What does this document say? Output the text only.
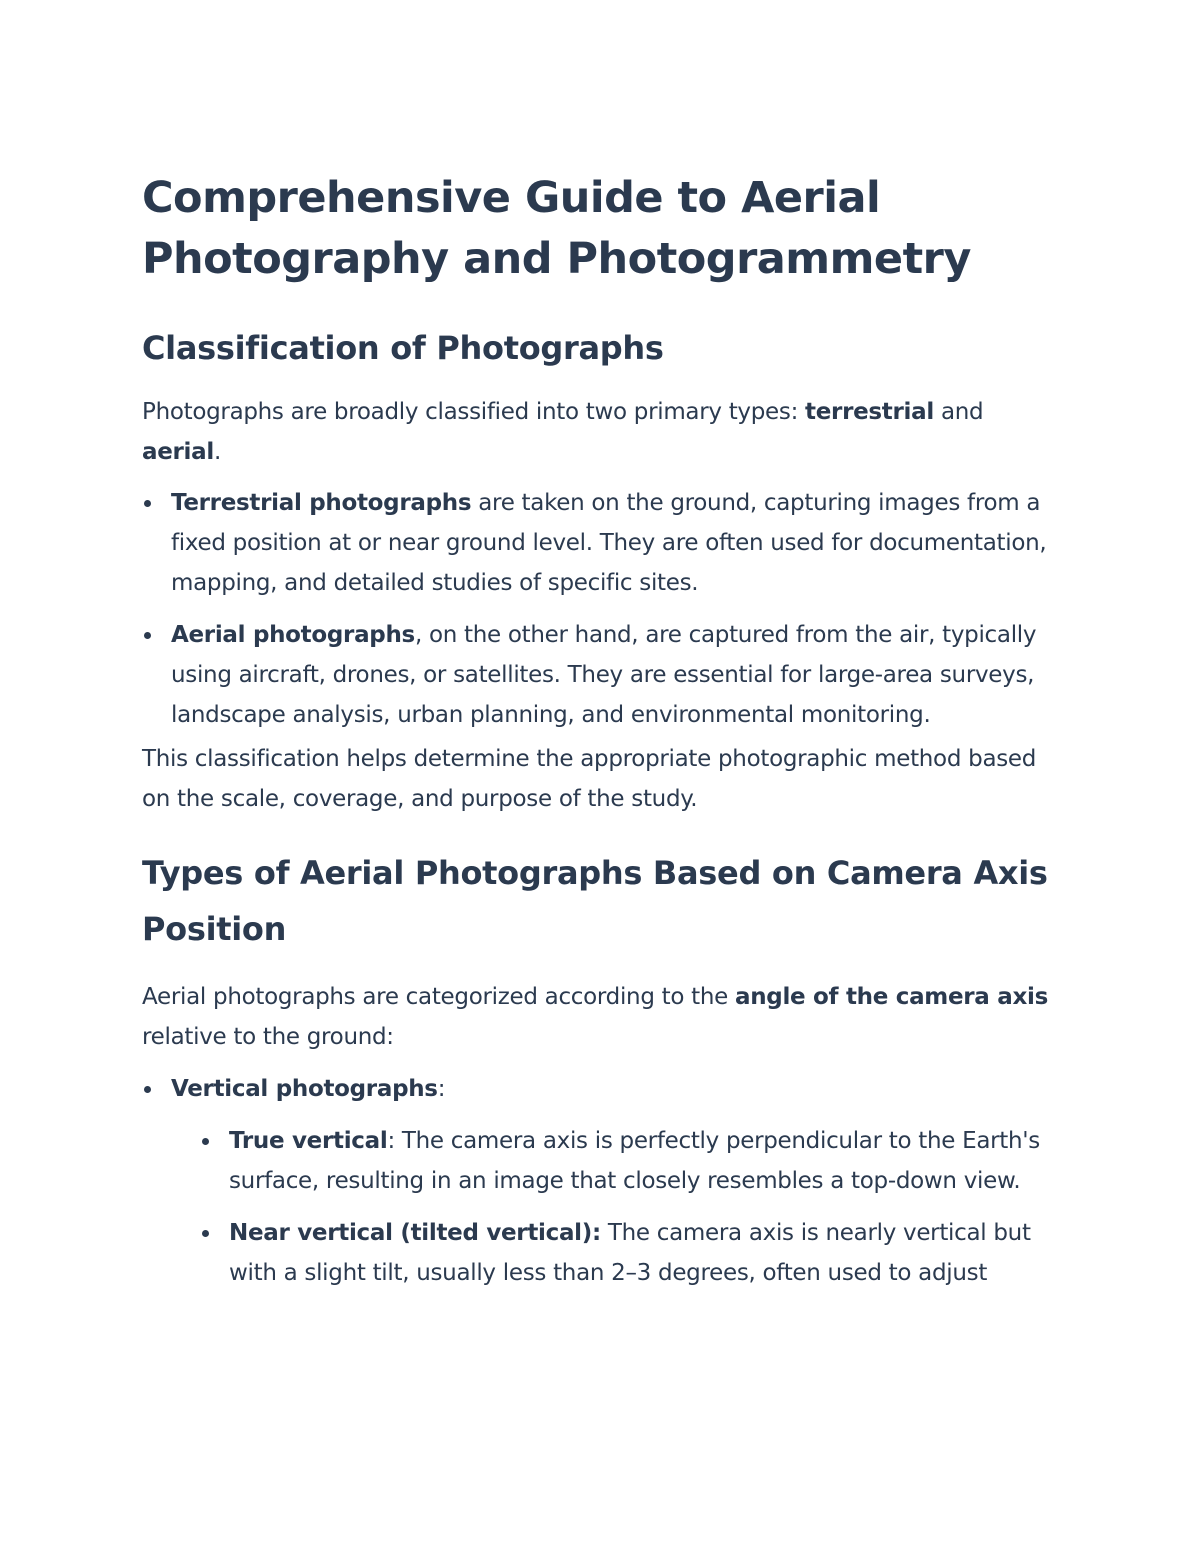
Comprehensive Guide to Aerial Photography and Photogrammetry
Classification of Photographs

Photographs are broadly classified into two primary types: terrestrial and aerial.

Terrestrial photographs are taken on the ground, capturing images from a fixed position at or near ground level. They are often used for documentation, mapping, and detailed studies of specific sites.
Aerial photographs, on the other hand, are captured from the air, typically using aircraft, drones, or satellites. They are essential for large-area surveys, landscape analysis, urban planning, and environmental monitoring.

This classification helps determine the appropriate photographic method based on the scale, coverage, and purpose of the study.

Types of Aerial Photographs Based on Camera Axis Position

Aerial photographs are categorized according to the angle of the camera axis relative to the ground:

Vertical photographs:
True vertical: The camera axis is perfectly perpendicular to the Earth's surface, resulting in an image that closely resembles a top-down view.
Near vertical (tilted vertical): The camera axis is nearly vertical but with a slight tilt, usually less than 2–3 degrees, often used to adjust
